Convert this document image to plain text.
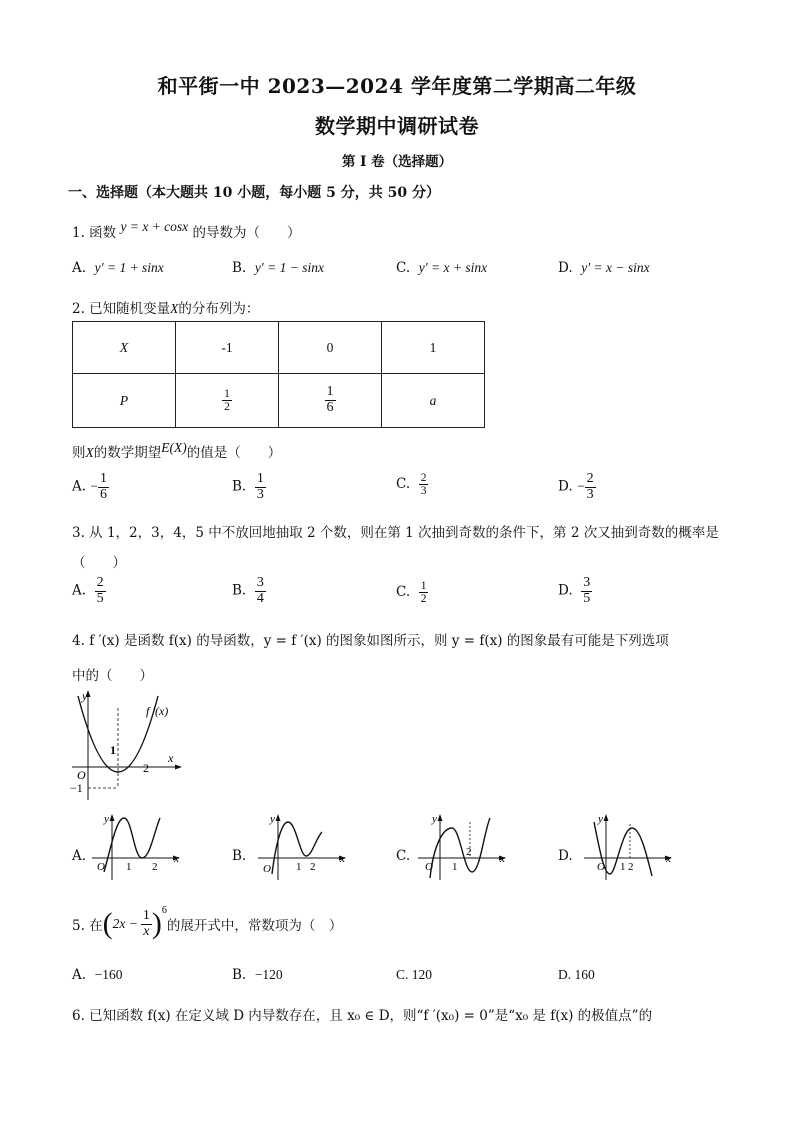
和平街一中 2023—2024 学年度第二学期高二年级
数学期中调研试卷
第 I 卷（选择题）
一、选择题（本大题共 10 小题，每小题 5 分，共 50 分）
1. 函数 y = x + cosx 的导数为（　　）
A. y′ = 1 + sinx	B. y′ = 1 − sinx	C. y′ = x + sinx	D. y′ = x − sinx
2. 已知随机变量X的分布列为：
X	-1	0	1
P	$\frac{1}{2}$	$\frac{1}{6}$	a
则X的数学期望E(X)的值是（　　）
A. − $\frac{1}{6}$	B. $\frac{1}{3}$	C. $\frac{2}{3}$	D. − $\frac{2}{3}$
3. 从 1，2，3，4，5 中不放回地抽取 2 个数，则在第 1 次抽到奇数的条件下，第 2 次又抽到奇数的概率是
（　　）
A. $\frac{2}{5}$	B. $\frac{3}{4}$	C. $\frac{1}{2}$	D. $\frac{3}{5}$
4. f ′(x) 是函数 f(x) 的导函数，y = f ′(x) 的图象如图所示，则 y = f(x) 的图象最有可能是下列选项
中的（　　）
y
x
O
f ′(x)
1
2
−1
A.
y
x
O 1 2
B.
y
x
O 1 2
C.
y
x
O 1
2	D.
y
x
O 1 2
5. 在 ( $2x - \frac{1}{x}$ ) 6
的展开式中，常数项为（　）
A. −160	B. −120	C. 120	D. 160
6. 已知函数 f(x) 在定义域 D 内导数存在，且 x₀ ∈ D，则“f ′(x₀) = 0”是“x₀ 是 f(x) 的极值点”的
